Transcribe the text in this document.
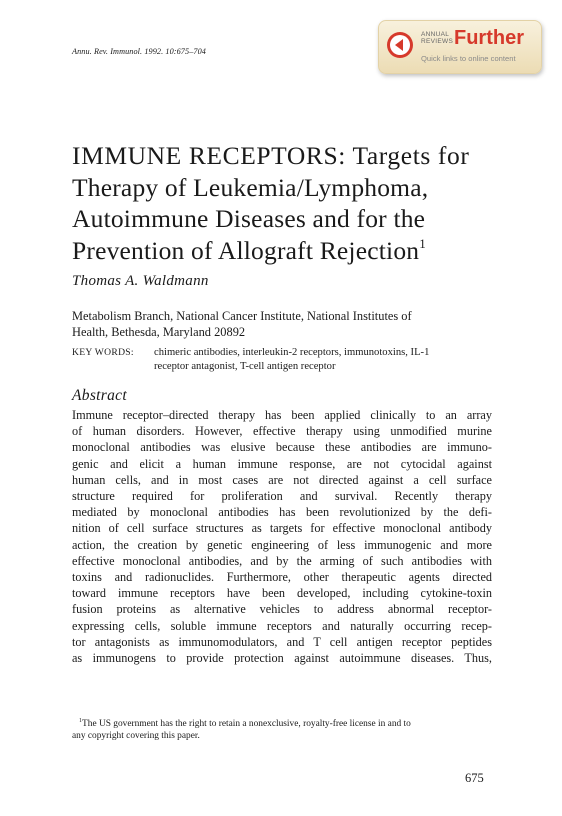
Annu. Rev. Immunol. 1992. 10:675–704
ANNUAL
REVIEWS Further
Quick links to online content
IMMUNE RECEPTORS: Targets for
Therapy of Leukemia/Lymphoma,
Autoimmune Diseases and for the
Prevention of Allograft Rejection$^1$
Thomas A. Waldmann
Metabolism Branch, National Cancer Institute, National Institutes of
Health, Bethesda, Maryland 20892
KEY WORDS: chimeric antibodies, interleukin-2 receptors, immunotoxins, IL-1
receptor antagonist, T-cell antigen receptor
Abstract
Immune receptor–directed therapy has been applied clinically to an array
of human disorders. However, effective therapy using unmodified murine
monoclonal antibodies was elusive because these antibodies are immuno-
genic and elicit a human immune response, are not cytocidal against
human cells, and in most cases are not directed against a cell surface
structure required for proliferation and survival. Recently therapy
mediated by monoclonal antibodies has been revolutionized by the defi-
nition of cell surface structures as targets for effective monoclonal antibody
action, the creation by genetic engineering of less immunogenic and more
effective monoclonal antibodies, and by the arming of such antibodies with
toxins and radionuclides. Furthermore, other therapeutic agents directed
toward immune receptors have been developed, including cytokine-toxin
fusion proteins as alternative vehicles to address abnormal receptor-
expressing cells, soluble immune receptors and naturally occurring recep-
tor antagonists as immunomodulators, and T cell antigen receptor peptides
as immunogens to provide protection against autoimmune diseases. Thus,
$^1$The US government has the right to retain a nonexclusive, royalty-free license in and to
any copyright covering this paper.
675
